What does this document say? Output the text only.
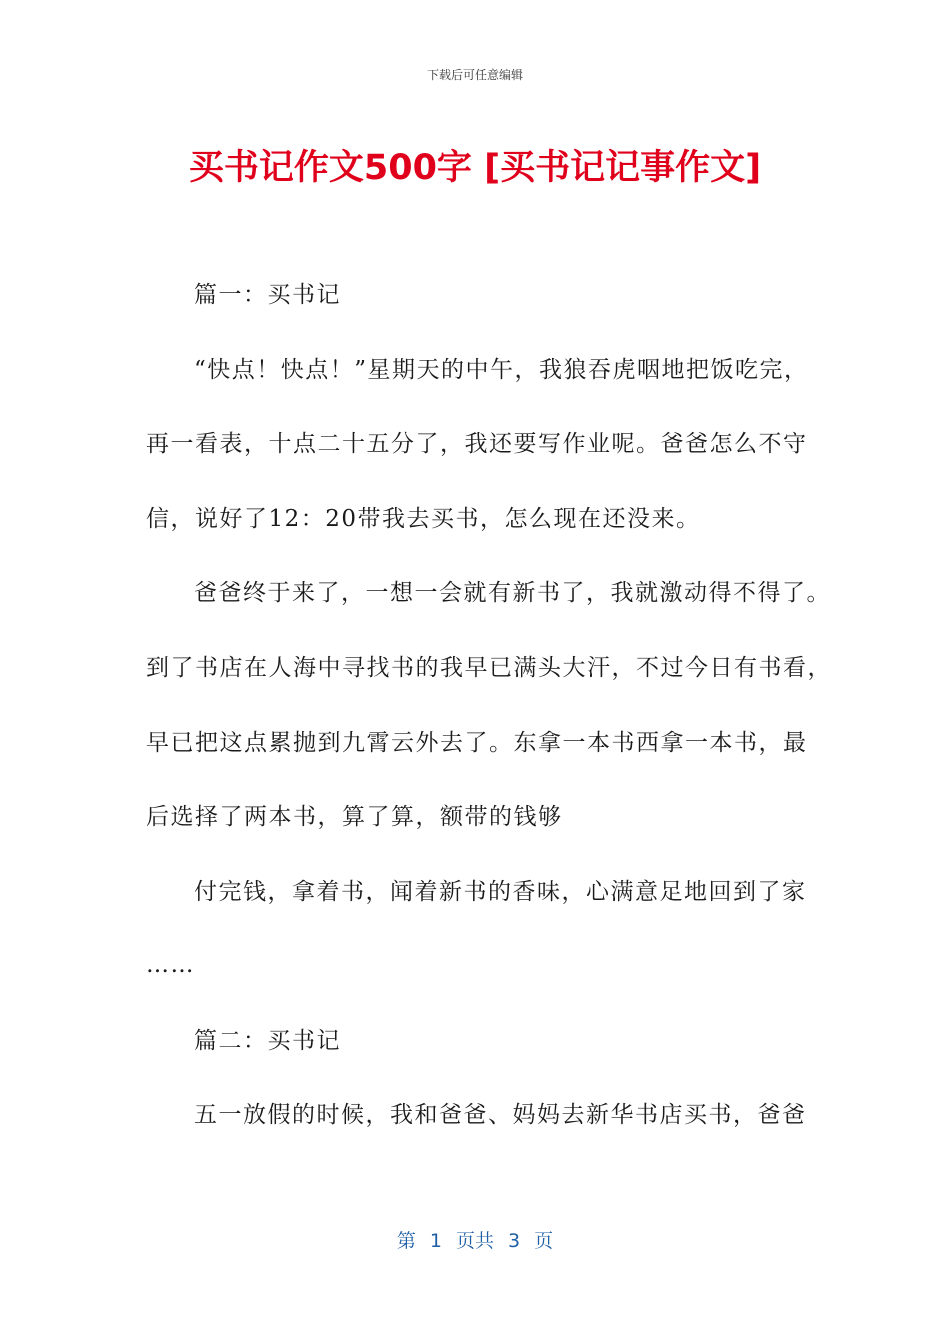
下载后可任意编辑
买书记作文500字 [买书记记事作文]
篇一：买书记
“快点！快点！”星期天的中午，我狼吞虎咽地把饭吃完，
再一看表，十点二十五分了，我还要写作业呢。爸爸怎么不守
信，说好了12：20带我去买书，怎么现在还没来。
爸爸终于来了，一想一会就有新书了，我就激动得不得了。
到了书店在人海中寻找书的我早已满头大汗，不过今日有书看，
早已把这点累抛到九霄云外去了。东拿一本书西拿一本书，最
后选择了两本书，算了算，额带的钱够
付完钱，拿着书，闻着新书的香味，心满意足地回到了家
……
篇二：买书记
五一放假的时候，我和爸爸、妈妈去新华书店买书，爸爸
第 1 页共 3 页
